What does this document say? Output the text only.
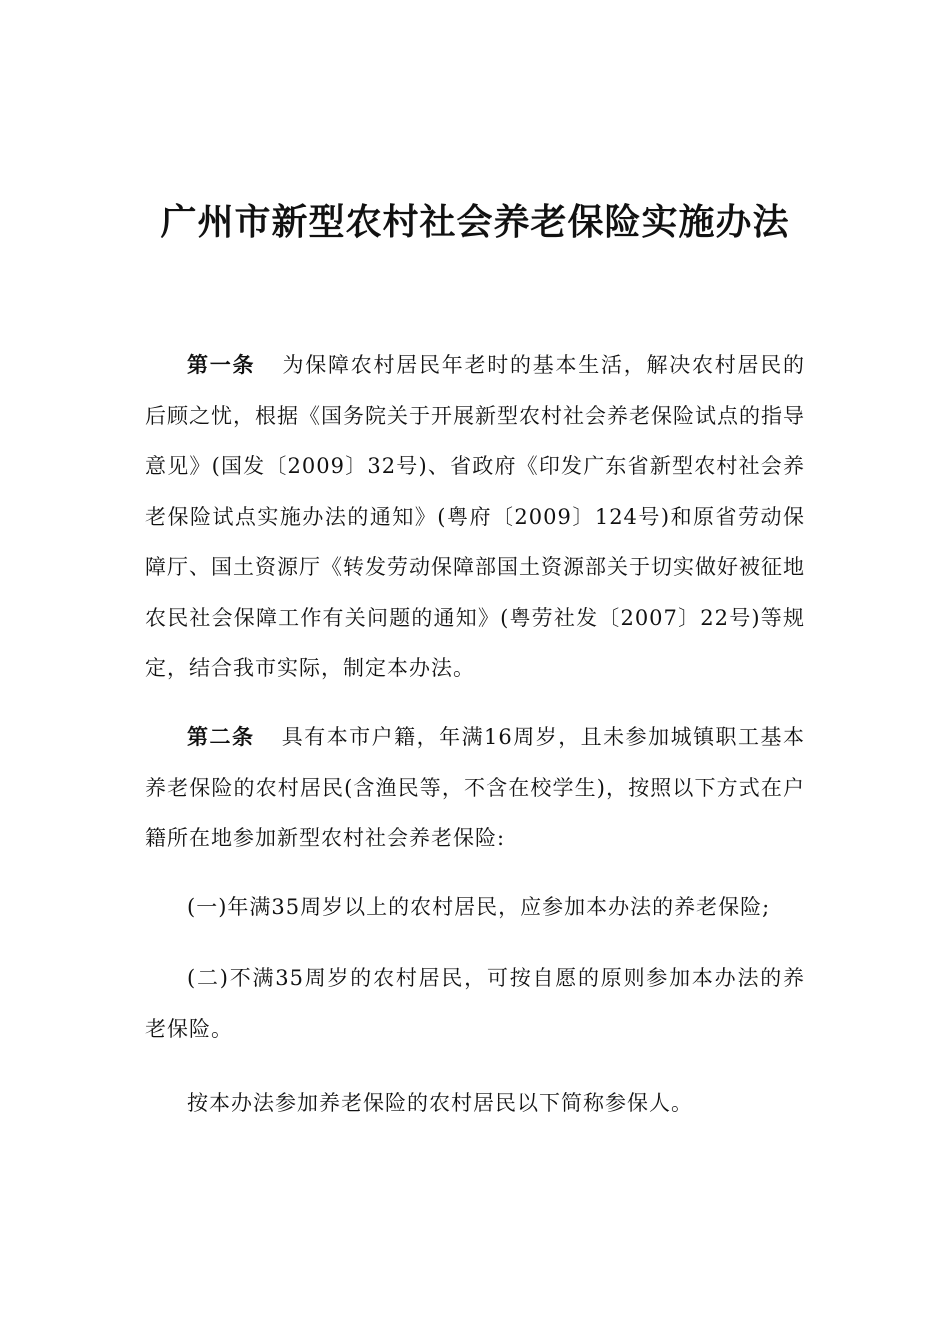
广州市新型农村社会养老保险实施办法

第一条 为保障农村居民年老时的基本生活，解决农村居民的后顾之忧，根据《国务院关于开展新型农村社会养老保险试点的指导意见》(国发〔2009〕32号)、省政府《印发广东省新型农村社会养老保险试点实施办法的通知》(粤府〔2009〕124号)和原省劳动保障厅、国土资源厅《转发劳动保障部国土资源部关于切实做好被征地农民社会保障工作有关问题的通知》(粤劳社发〔2007〕22号)等规定，结合我市实际，制定本办法。

第二条 具有本市户籍，年满16周岁，且未参加城镇职工基本养老保险的农村居民(含渔民等，不含在校学生)，按照以下方式在户籍所在地参加新型农村社会养老保险:

(一)年满35周岁以上的农村居民，应参加本办法的养老保险;

(二)不满35周岁的农村居民，可按自愿的原则参加本办法的养老保险。

按本办法参加养老保险的农村居民以下简称参保人。
